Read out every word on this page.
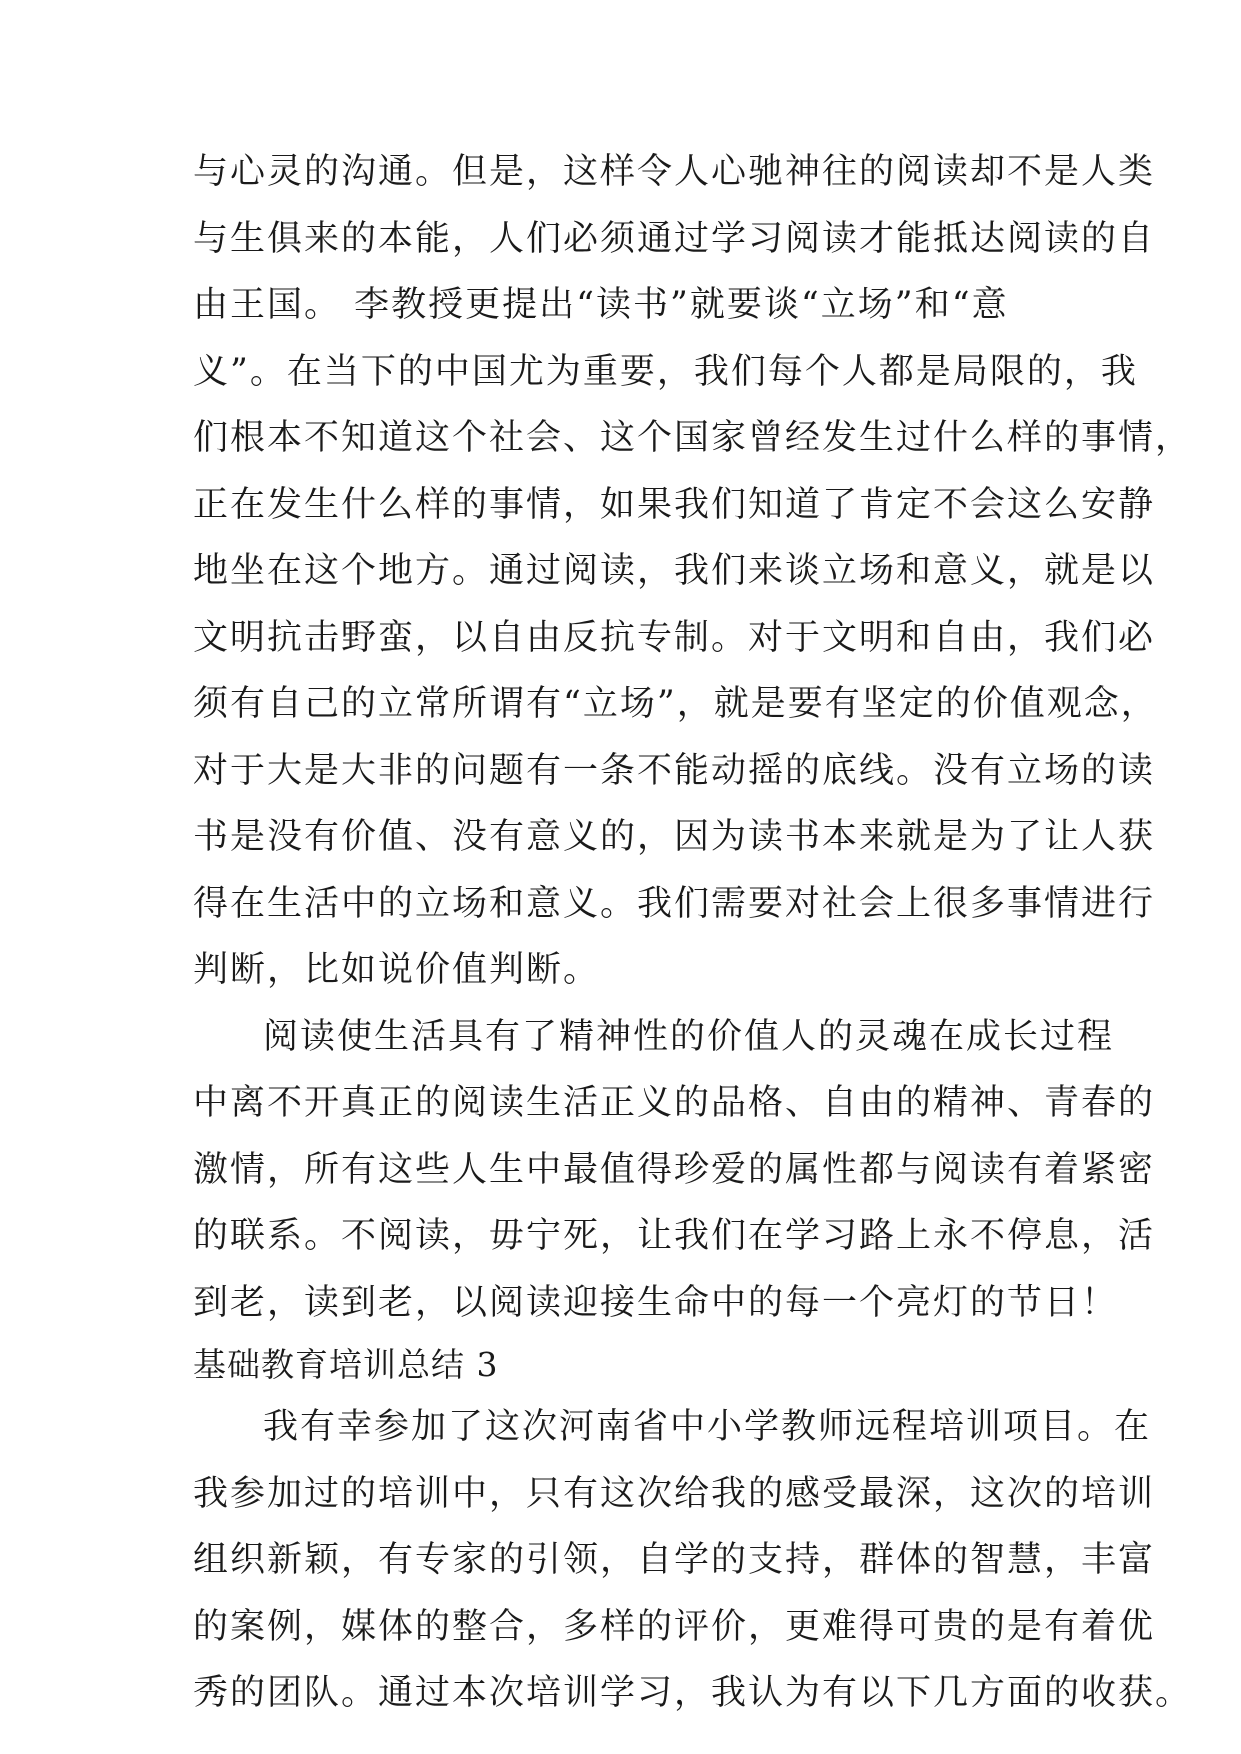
与心灵的沟通。但是，这样令人心驰神往的阅读却不是人类
与生俱来的本能，人们必须通过学习阅读才能抵达阅读的自
由王国。 李教授更提出“读书”就要谈“立场”和“意
义”。在当下的中国尤为重要，我们每个人都是局限的，我
们根本不知道这个社会、这个国家曾经发生过什么样的事情，
正在发生什么样的事情，如果我们知道了肯定不会这么安静
地坐在这个地方。通过阅读，我们来谈立场和意义，就是以
文明抗击野蛮，以自由反抗专制。对于文明和自由，我们必
须有自己的立常所谓有“立场”，就是要有坚定的价值观念，
对于大是大非的问题有一条不能动摇的底线。没有立场的读
书是没有价值、没有意义的，因为读书本来就是为了让人获
得在生活中的立场和意义。我们需要对社会上很多事情进行
判断，比如说价值判断。
阅读使生活具有了精神性的价值人的灵魂在成长过程
中离不开真正的阅读生活正义的品格、自由的精神、青春的
激情，所有这些人生中最值得珍爱的属性都与阅读有着紧密
的联系。不阅读，毋宁死，让我们在学习路上永不停息，活
到老，读到老，以阅读迎接生命中的每一个亮灯的节日！
基础教育培训总结 3
我有幸参加了这次河南省中小学教师远程培训项目。在
我参加过的培训中，只有这次给我的感受最深，这次的培训
组织新颖，有专家的引领，自学的支持，群体的智慧，丰富
的案例，媒体的整合，多样的评价，更难得可贵的是有着优
秀的团队。通过本次培训学习，我认为有以下几方面的收获。
